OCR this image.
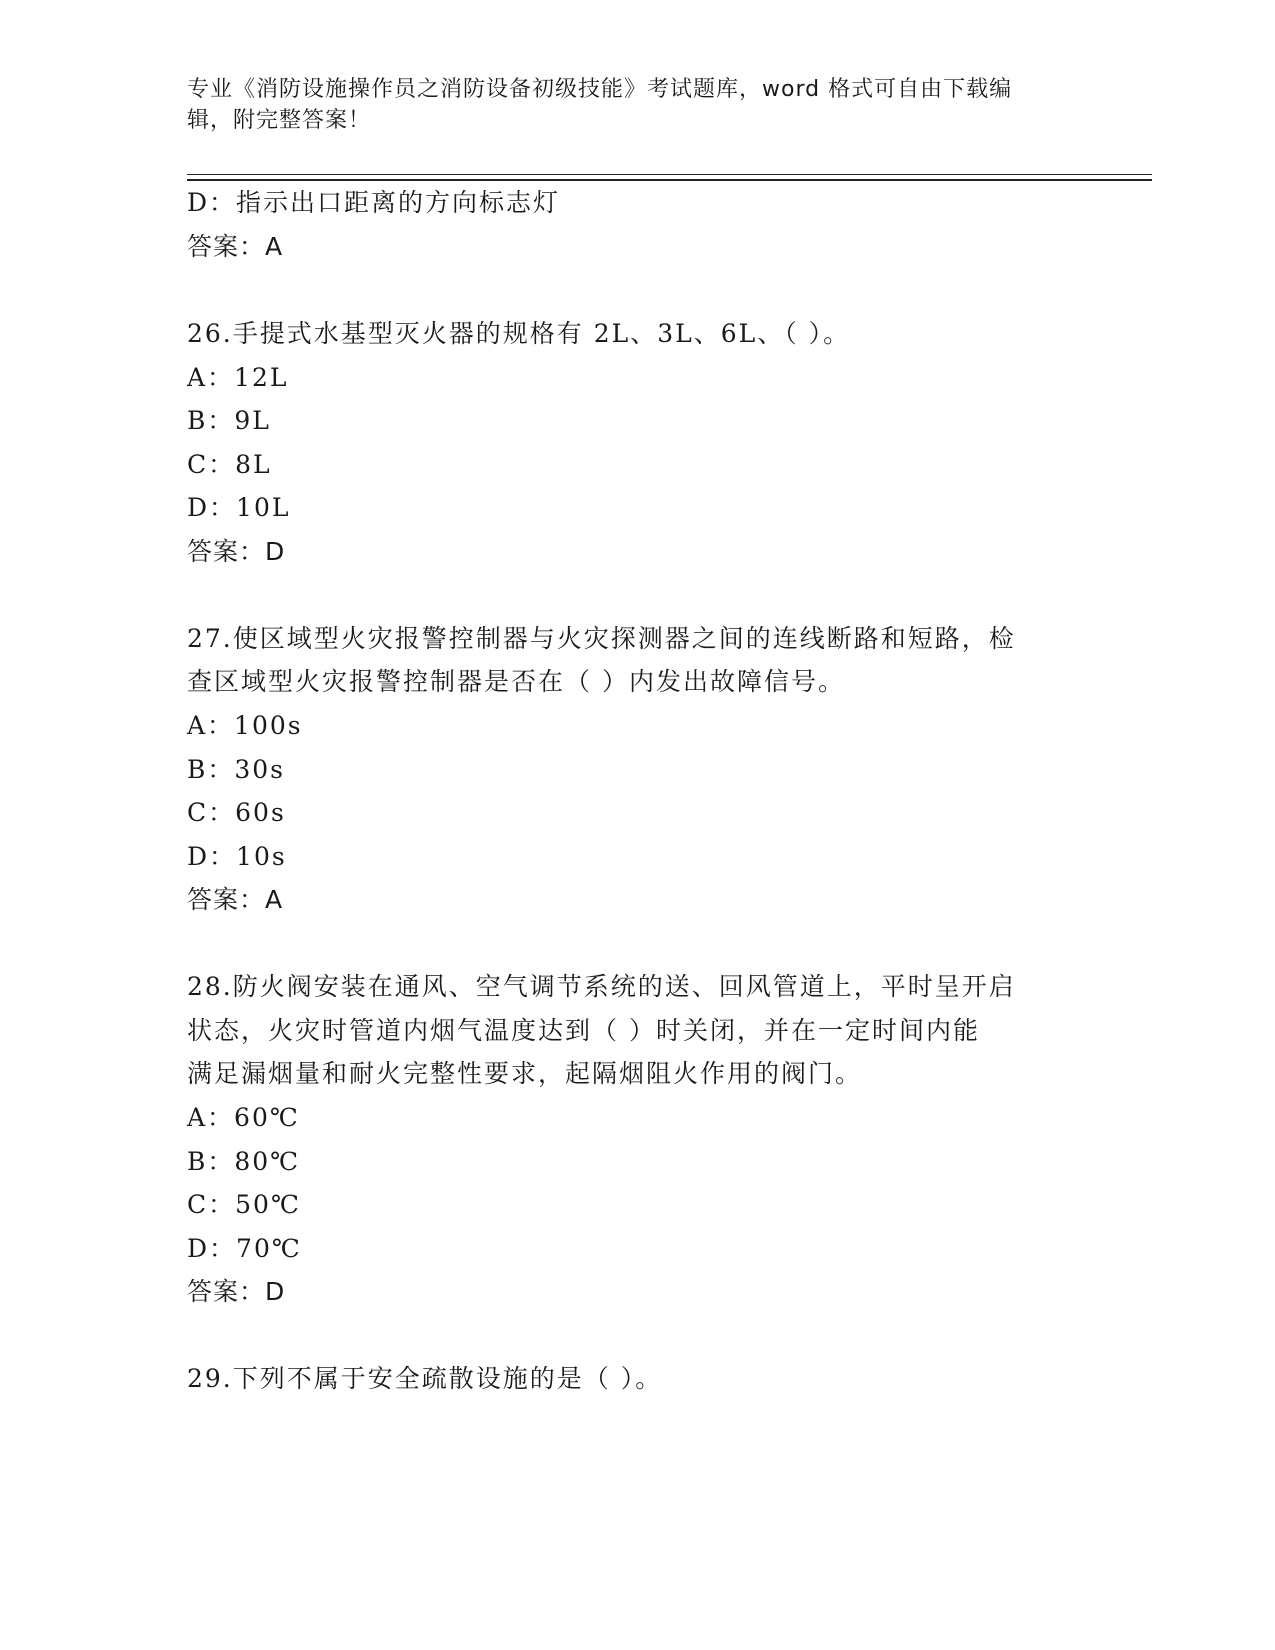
专业《消防设施操作员之消防设备初级技能》考试题库，word 格式可自由下载编
辑，附完整答案！
D：指示出口距离的方向标志灯
答案：A
26.手提式水基型灭火器的规格有 2L、3L、6L、（ ）。
A：12L
B：9L
C：8L
D：10L
答案：D
27.使区域型火灾报警控制器与火灾探测器之间的连线断路和短路，检
查区域型火灾报警控制器是否在（ ）内发出故障信号。
A：100s
B：30s
C：60s
D：10s
答案：A
28.防火阀安装在通风、空气调节系统的送、回风管道上，平时呈开启
状态，火灾时管道内烟气温度达到（ ）时关闭，并在一定时间内能
满足漏烟量和耐火完整性要求，起隔烟阻火作用的阀门。
A：60℃
B：80℃
C：50℃
D：70℃
答案：D
29.下列不属于安全疏散设施的是（ ）。
